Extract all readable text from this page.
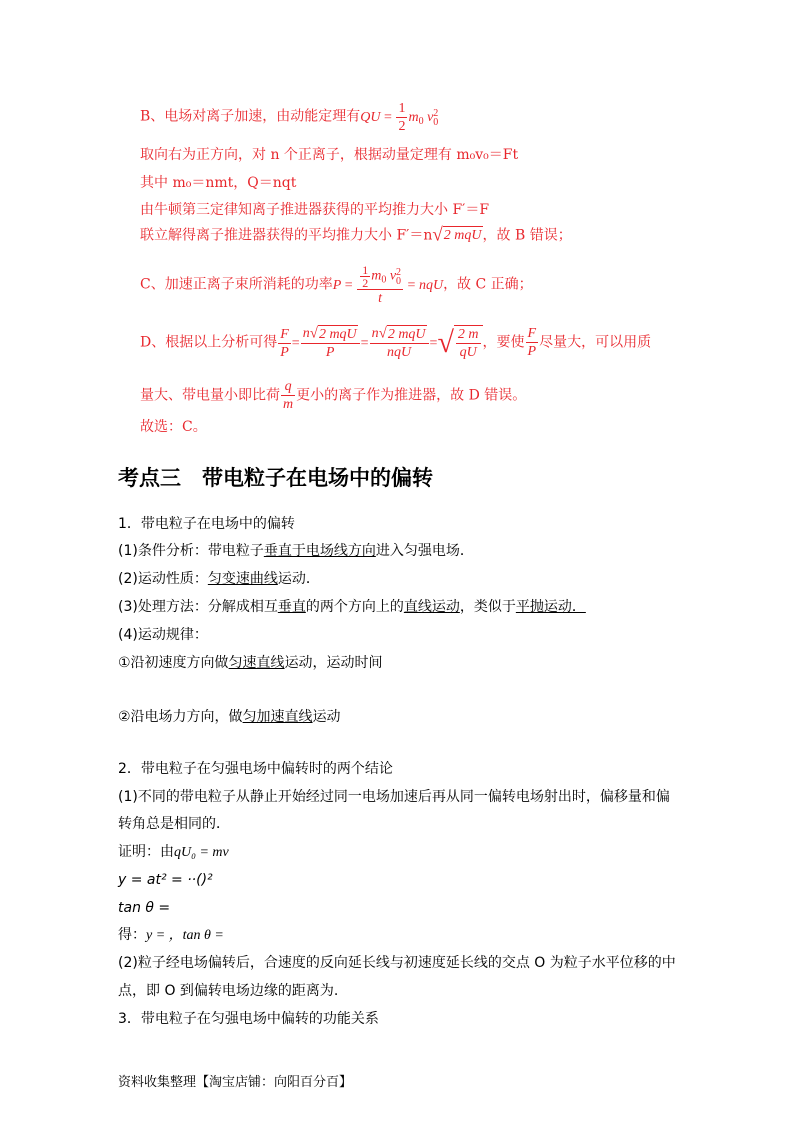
B、电场对离子加速，由动能定理有QU = $\frac{1}{2} m_0$ v 2
0
取向右为正方向，对 n 个正离子，根据动量定理有 m₀v₀＝Ft
其中 m₀＝nmt，Q＝nqt
由牛顿第三定律知离子推进器获得的平均推力大小 F′＝F
联立解得离子推进器获得的平均推力大小 F′＝n√2 mqU，故 B 错误；
C、加速正离子束所消耗的功率$P = \frac{1}{2} m_0$ v 2
0
t = nqU，故 C 正确；
D、根据以上分析可得 $\frac{F}{P} = \frac{\text{n√2 mqU}}{P} = \frac{\text{n√2 mqU}}{\text{nqU}}$ =√ $\frac{2 m}{qU}$ ，要使 $\frac{F}{P}$ 尽量大，可以用质
量大、带电量小即比荷 $\frac{q}{m}$ 更小的离子作为推进器，故 D 错误。
故选：C。
考点三　带电粒子在电场中的偏转
1．带电粒子在电场中的偏转
(1)条件分析：带电粒子垂直于电场线方向进入匀强电场．
(2)运动性质：匀变速曲线运动．
(3)处理方法：分解成相互垂直的两个方向上的直线运动，类似于平抛运动．
(4)运动规律：
①沿初速度方向做匀速直线运动，运动时间
②沿电场力方向，做匀加速直线运动
2．带电粒子在匀强电场中偏转时的两个结论
(1)不同的带电粒子从静止开始经过同一电场加速后再从同一偏转电场射出时，偏移量和偏
转角总是相同的．
证明：由qU₀ = mv
y = at² = ··()²
tan θ =
得：y = ，tan θ =
(2)粒子经电场偏转后，合速度的反向延长线与初速度延长线的交点 O 为粒子水平位移的中
点，即 O 到偏转电场边缘的距离为.
3．带电粒子在匀强电场中偏转的功能关系
资料收集整理【淘宝店铺：向阳百分百】
